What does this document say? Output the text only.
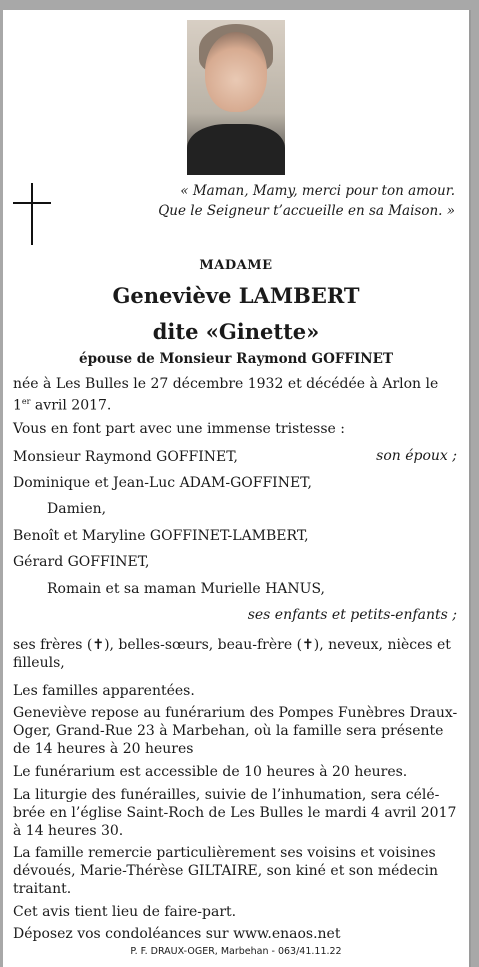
« Maman, Mamy, merci pour ton amour.
Que le Seigneur t’accueille en sa Maison. »
MADAME
Geneviève LAMBERT
dite «Ginette»
épouse de Monsieur Raymond GOFFINET
née à Les Bulles le 27 décembre 1932 et décédée à Arlon le
1er avril 2017.
Vous en font part avec une immense tristesse :
Monsieur Raymond GOFFINET,	son époux ;
Dominique et Jean-Luc ADAM-GOFFINET,
Damien,
Benoît et Maryline GOFFINET-LAMBERT,
Gérard GOFFINET,
Romain et sa maman Murielle HANUS,
ses enfants et petits-enfants ;
ses frères (✝), belles-sœurs, beau-frère (✝), neveux, nièces et filleuls,
Les familles apparentées.
Geneviève repose au funérarium des Pompes Funèbres Draux-Oger, Grand-Rue 23 à Marbehan, où la famille sera présente de 14 heures à 20 heures
Le funérarium est accessible de 10 heures à 20 heures.
La liturgie des funérailles, suivie de l’inhumation, sera célé-brée en l’église Saint-Roch de Les Bulles le mardi 4 avril 2017 à 14 heures 30.
La famille remercie particulièrement ses voisins et voisines dévoués, Marie-Thérèse GILTAIRE, son kiné et son médecin traitant.
Cet avis tient lieu de faire-part.
Déposez vos condoléances sur www.enaos.net
P. F. DRAUX-OGER, Marbehan - 063/41.11.22
